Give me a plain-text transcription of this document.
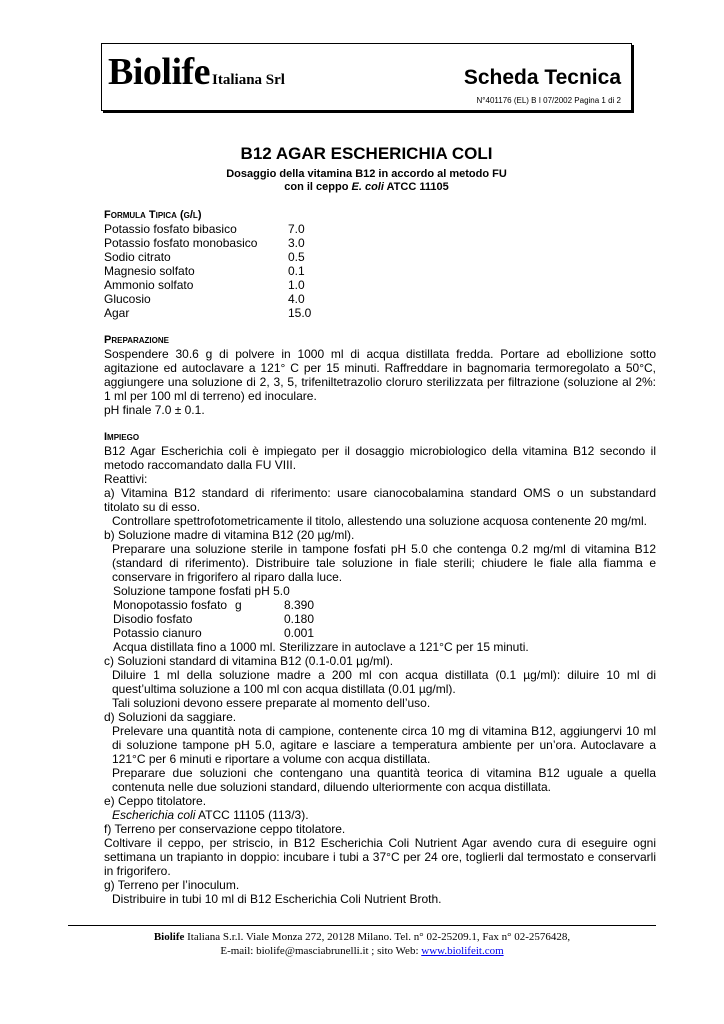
Biolife Italiana Srl	Scheda Tecnica
N°401176 (EL) B I 07/2002 Pagina 1 di 2
B12 AGAR ESCHERICHIA COLI
Dosaggio della vitamina B12 in accordo al metodo FU
con il ceppo E. coli ATCC 11105
Formula Tipica (g/l)
Potassio fosfato bibasico	7.0
Potassio fosfato monobasico	3.0
Sodio citrato	0.5
Magnesio solfato	0.1
Ammonio solfato	1.0
Glucosio	4.0
Agar	15.0
Preparazione
Sospendere 30.6 g di polvere in 1000 ml di acqua distillata fredda. Portare ad ebollizione sotto agitazione ed autoclavare a 121° C per 15 minuti. Raffreddare in bagnomaria termoregolato a 50°C, aggiungere una soluzione di 2, 3, 5, trifeniltetrazolio cloruro sterilizzata per filtrazione (soluzione al 2%: 1 ml per 100 ml di terreno) ed inoculare.
pH finale 7.0 ± 0.1.
Impiego
B12 Agar Escherichia coli è impiegato per il dosaggio microbiologico della vitamina B12 secondo il metodo raccomandato dalla FU VIII.
Reattivi:
a) Vitamina B12 standard di riferimento: usare cianocobalamina standard OMS o un substandard titolato su di esso.
Controllare spettrofotometricamente il titolo, allestendo una soluzione acquosa contenente 20 mg/ml.
b) Soluzione madre di vitamina B12 (20 µg/ml).
Preparare una soluzione sterile in tampone fosfati pH 5.0 che contenga 0.2 mg/ml di vitamina B12 (standard di riferimento). Distribuire tale soluzione in fiale sterili; chiudere le fiale alla fiamma e conservare in frigorifero al riparo dalla luce.
Soluzione tampone fosfati pH 5.0
Monopotassio fosfato g	8.390
Disodio fosfato	0.180
Potassio cianuro	0.001
Acqua distillata fino a 1000 ml. Sterilizzare in autoclave a 121°C per 15 minuti.
c) Soluzioni standard di vitamina B12 (0.1-0.01 µg/ml).
Diluire 1 ml della soluzione madre a 200 ml con acqua distillata (0.1 µg/ml): diluire 10 ml di quest’ultima soluzione a 100 ml con acqua distillata (0.01 µg/ml).
Tali soluzioni devono essere preparate al momento dell’uso.
d) Soluzioni da saggiare.
Prelevare una quantità nota di campione, contenente circa 10 mg di vitamina B12, aggiungervi 10 ml di soluzione tampone pH 5.0, agitare e lasciare a temperatura ambiente per un’ora. Autoclavare a 121°C per 6 minuti e riportare a volume con acqua distillata.
Preparare due soluzioni che contengano una quantità teorica di vitamina B12 uguale a quella contenuta nelle due soluzioni standard, diluendo ulteriormente con acqua distillata.
e) Ceppo titolatore.
Escherichia coli ATCC 11105 (113/3).
f) Terreno per conservazione ceppo titolatore.
Coltivare il ceppo, per striscio, in B12 Escherichia Coli Nutrient Agar avendo cura di eseguire ogni settimana un trapianto in doppio: incubare i tubi a 37°C per 24 ore, toglierli dal termostato e conservarli in frigorifero.
g) Terreno per l’inoculum.
Distribuire in tubi 10 ml di B12 Escherichia Coli Nutrient Broth.
Biolife Italiana S.r.l. Viale Monza 272, 20128 Milano. Tel. n° 02-25209.1, Fax n° 02-2576428,
E-mail: biolife@masciabrunelli.it ; sito Web: www.biolifeit.com
